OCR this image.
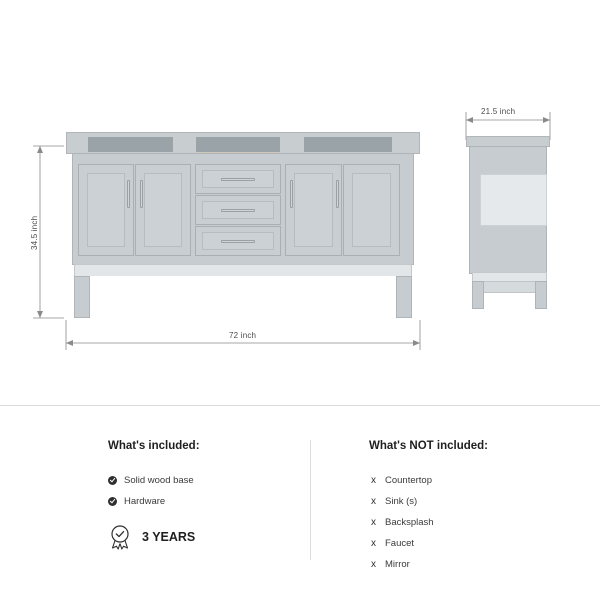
34.5 inch
72 inch
21.5 inch
What's included:
Solid wood base
Hardware
3 YEARS
What's NOT included:
x Countertop
x Sink (s)
x Backsplash
x Faucet
x Mirror
